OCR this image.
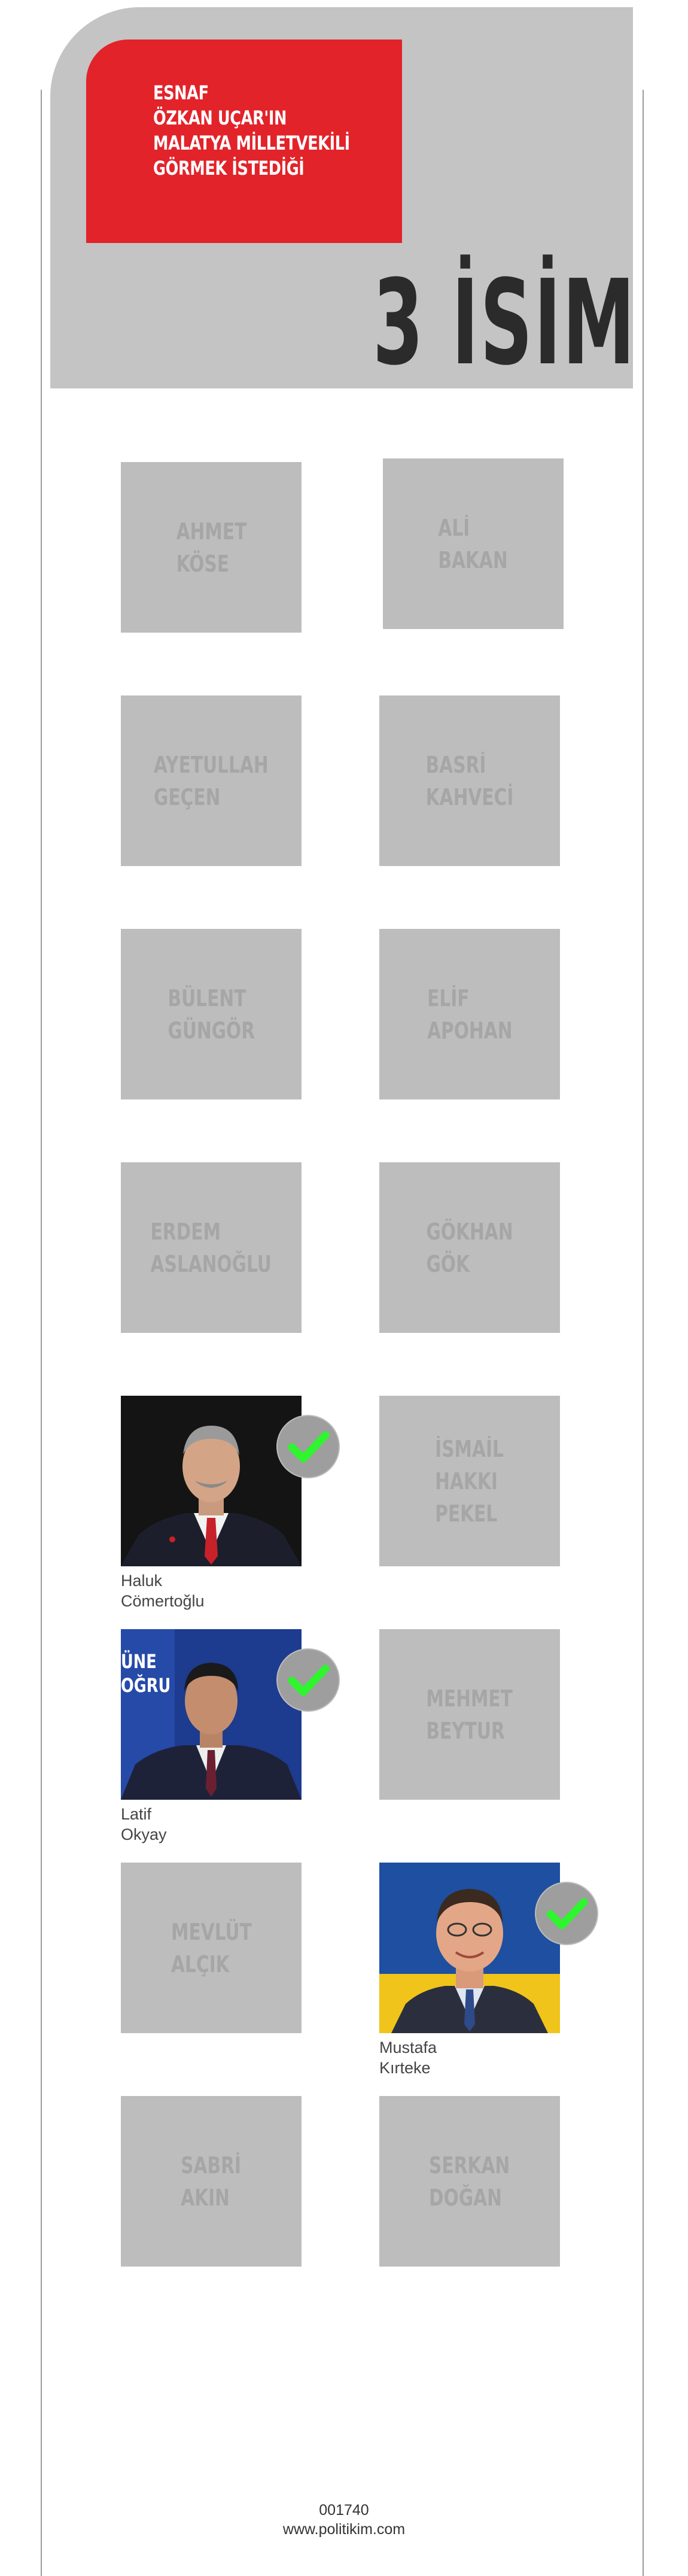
ESNAF
ÖZKAN UÇAR'IN
MALATYA MİLLETVEKİLİ
GÖRMEK İSTEDİĞİ
3 İSİM
AHMET
KÖSE
ALİ
BAKAN
AYETULLAH
GEÇEN
BASRİ
KAHVECİ
BÜLENT
GÜNGÖR
ELİF
APOHAN
ERDEM
ASLANOĞLU
GÖKHAN
GÖK
Haluk
Cömertoğlu
İSMAİL
HAKKI
PEKEL
ÜNE
OĞRU
Latif
Okyay
MEHMET
BEYTUR
MEVLÜT
ALÇIK
Mustafa
Kırteke
SABRİ
AKIN
SERKAN
DOĞAN
001740
www.politikim.com
